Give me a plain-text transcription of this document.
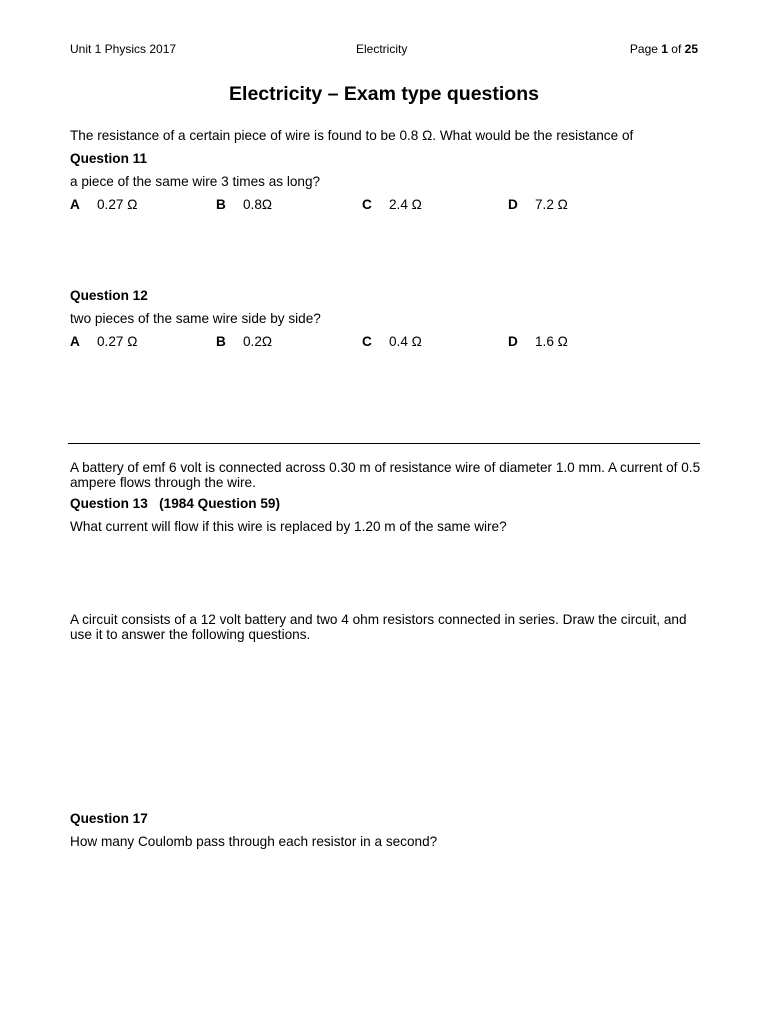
Unit 1 Physics 2017	Electricity	Page 1 of 25
Electricity – Exam type questions
The resistance of a certain piece of wire is found to be 0.8 Ω. What would be the resistance of
Question 11
a piece of the same wire 3 times as long?
A 0.27 Ω	B 0.8Ω	C 2.4 Ω	D 7.2 Ω
Question 12
two pieces of the same wire side by side?
A 0.27 Ω	B 0.2Ω	C 0.4 Ω	D 1.6 Ω
A battery of emf 6 volt is connected across 0.30 m of resistance wire of diameter 1.0 mm. A current of 0.5 ampere flows through the wire.
Question 13   (1984 Question 59)
What current will flow if this wire is replaced by 1.20 m of the same wire?
A circuit consists of a 12 volt battery and two 4 ohm resistors connected in series. Draw the circuit, and use it to answer the following questions.
Question 17
How many Coulomb pass through each resistor in a second?
